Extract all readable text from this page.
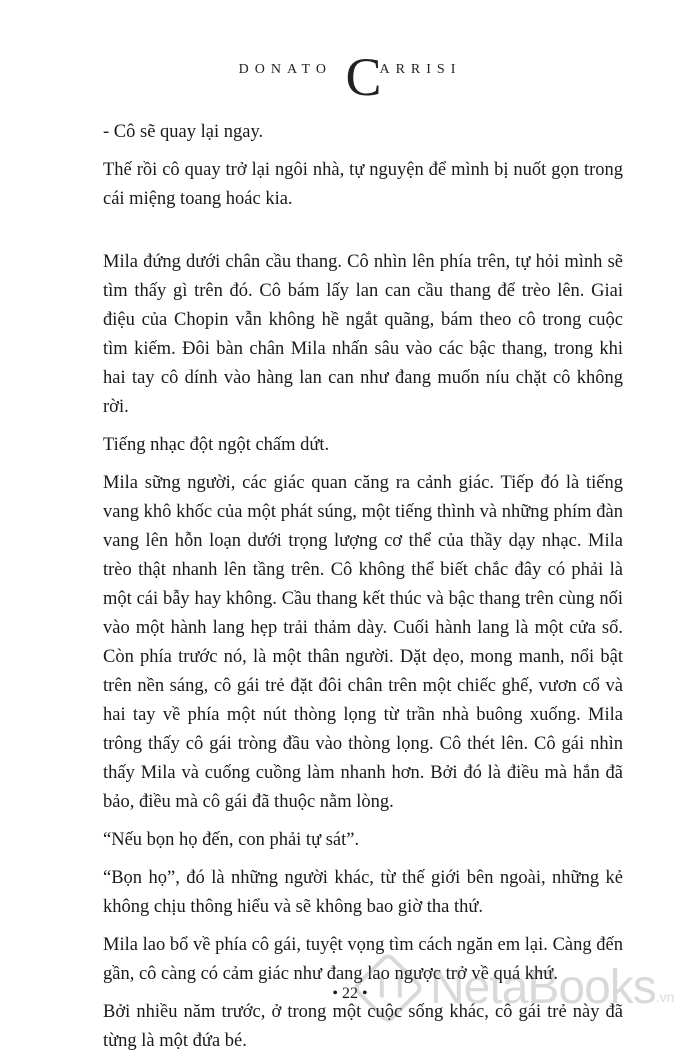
DONATO CARRISI

- Cô sẽ quay lại ngay.

Thế rồi cô quay trở lại ngôi nhà, tự nguyện để mình bị nuốt gọn trong cái miệng toang hoác kia.

Mila đứng dưới chân cầu thang. Cô nhìn lên phía trên, tự hỏi mình sẽ tìm thấy gì trên đó. Cô bám lấy lan can cầu thang để trèo lên. Giai điệu của Chopin vẫn không hề ngắt quãng, bám theo cô trong cuộc tìm kiếm. Đôi bàn chân Mila nhấn sâu vào các bậc thang, trong khi hai tay cô dính vào hàng lan can như đang muốn níu chặt cô không rời.

Tiếng nhạc đột ngột chấm dứt.

Mila sững người, các giác quan căng ra cảnh giác. Tiếp đó là tiếng vang khô khốc của một phát súng, một tiếng thình và những phím đàn vang lên hỗn loạn dưới trọng lượng cơ thể của thầy dạy nhạc. Mila trèo thật nhanh lên tầng trên. Cô không thể biết chắc đây có phải là một cái bẫy hay không. Cầu thang kết thúc và bậc thang trên cùng nối vào một hành lang hẹp trải thảm dày. Cuối hành lang là một cửa sổ. Còn phía trước nó, là một thân người. Dặt dẹo, mong manh, nổi bật trên nền sáng, cô gái trẻ đặt đôi chân trên một chiếc ghế, vươn cổ và hai tay về phía một nút thòng lọng từ trần nhà buông xuống. Mila trông thấy cô gái tròng đầu vào thòng lọng. Cô thét lên. Cô gái nhìn thấy Mila và cuống cuồng làm nhanh hơn. Bởi đó là điều mà hắn đã bảo, điều mà cô gái đã thuộc nằm lòng.

“Nếu bọn họ đến, con phải tự sát”.

“Bọn họ”, đó là những người khác, từ thế giới bên ngoài, những kẻ không chịu thông hiểu và sẽ không bao giờ tha thứ.

Mila lao bổ về phía cô gái, tuyệt vọng tìm cách ngăn em lại. Càng đến gần, cô càng có cảm giác như đang lao ngược trở về quá khứ.

Bởi nhiều năm trước, ở trong một cuộc sống khác, cô gái trẻ này đã từng là một đứa bé.

• 22 •	NetaBooks .vn
